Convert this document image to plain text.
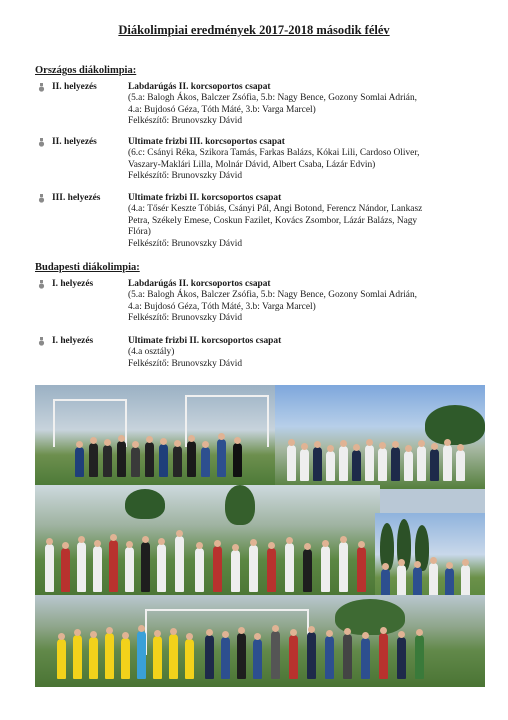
Diákolimpiai eredmények 2017-2018 második félév
Országos diákolimpia:
II. helyezés	Labdarúgás II. korcsoportos csapat
(5.a: Balogh Ákos, Balczer Zsófia, 5.b: Nagy Bence, Gozony Somlai Adrián,
4.a: Bujdosó Géza, Tóth Máté, 3.b: Varga Marcel)
Felkészítő: Brunovszky Dávid
II. helyezés	Ultimate frizbi III. korcsoportos csapat
(6.c: Csányi Réka, Szikora Tamás, Farkas Balázs, Kókai Lili, Cardoso Oliver,
Vaszary-Maklári Lilla, Molnár Dávid, Albert Csaba, Lázár Edvin)
Felkészítő: Brunovszky Dávid
III. helyezés	Ultimate frizbi II. korcsoportos csapat
(4.a: Tősér Keszte Tóbiás, Csányi Pál, Angi Botond, Ferencz Nándor, Lankasz
Petra, Székely Emese, Coskun Fazilet, Kovács Zsombor, Lázár Balázs, Nagy
Flóra)
Felkészítő: Brunovszky Dávid
Budapesti diákolimpia:
I. helyezés	Labdarúgás II. korcsoportos csapat
(5.a: Balogh Ákos, Balczer Zsófia, 5.b: Nagy Bence, Gozony Somlai Adrián,
4.a: Bujdosó Géza, Tóth Máté, 3.b: Varga Marcel)
Felkészítő: Brunovszky Dávid
I. helyezés	Ultimate frizbi II. korcsoportos csapat
(4.a osztály)
Felkészítő: Brunovszky Dávid
